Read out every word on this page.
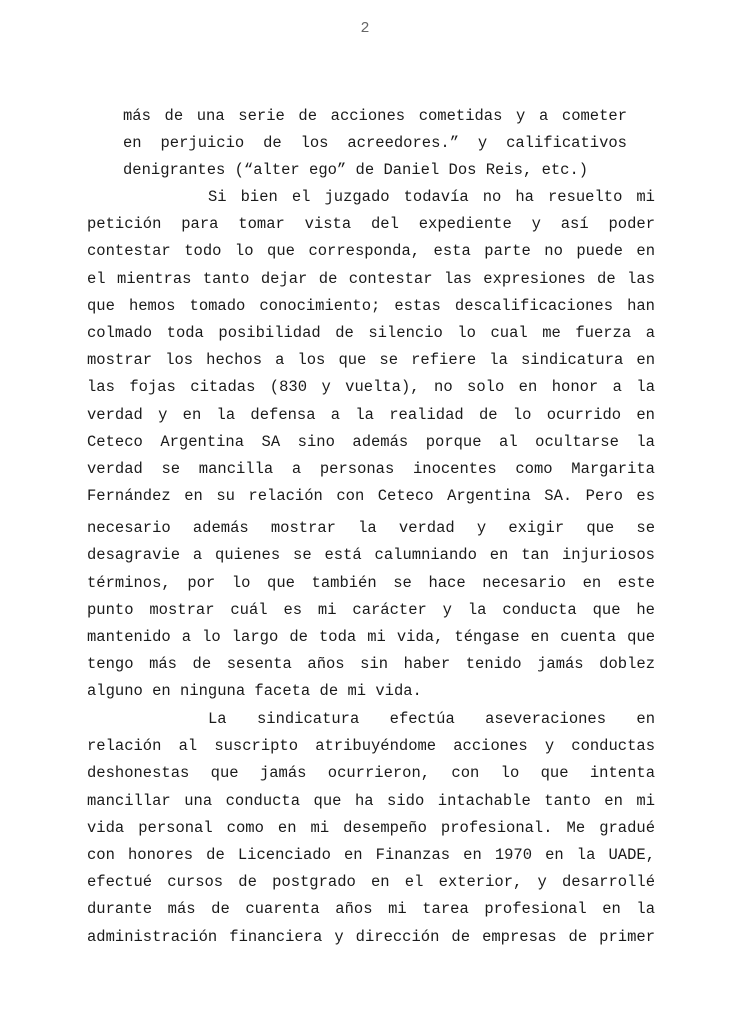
2
más de una serie de acciones cometidas y a cometer
en perjuicio de los acreedores.” y calificativos
denigrantes (“alter ego” de Daniel Dos Reis, etc.)
Si bien el juzgado todavía no ha resuelto mi
petición para tomar vista del expediente y así poder
contestar todo lo que corresponda, esta parte no puede en
el mientras tanto dejar de contestar las expresiones de las
que hemos tomado conocimiento; estas descalificaciones han
colmado toda posibilidad de silencio lo cual me fuerza a
mostrar los hechos a los que se refiere la sindicatura en
las fojas citadas (830 y vuelta), no solo en honor a la
verdad y en la defensa a la realidad de lo ocurrido en
Ceteco Argentina SA sino además porque al ocultarse la
verdad se mancilla a personas inocentes como Margarita
Fernández en su relación con Ceteco Argentina SA. Pero es
necesario además mostrar la verdad y exigir que se
desagravie a quienes se está calumniando en tan injuriosos
términos, por lo que también se hace necesario en este
punto mostrar cuál es mi carácter y la conducta que he
mantenido a lo largo de toda mi vida, téngase en cuenta que
tengo más de sesenta años sin haber tenido jamás doblez
alguno en ninguna faceta de mi vida.
La sindicatura efectúa aseveraciones en
relación al suscripto atribuyéndome acciones y conductas
deshonestas que jamás ocurrieron, con lo que intenta
mancillar una conducta que ha sido intachable tanto en mi
vida personal como en mi desempeño profesional. Me gradué
con honores de Licenciado en Finanzas en 1970 en la UADE,
efectué cursos de postgrado en el exterior, y desarrollé
durante más de cuarenta años mi tarea profesional en la
administración financiera y dirección de empresas de primer
